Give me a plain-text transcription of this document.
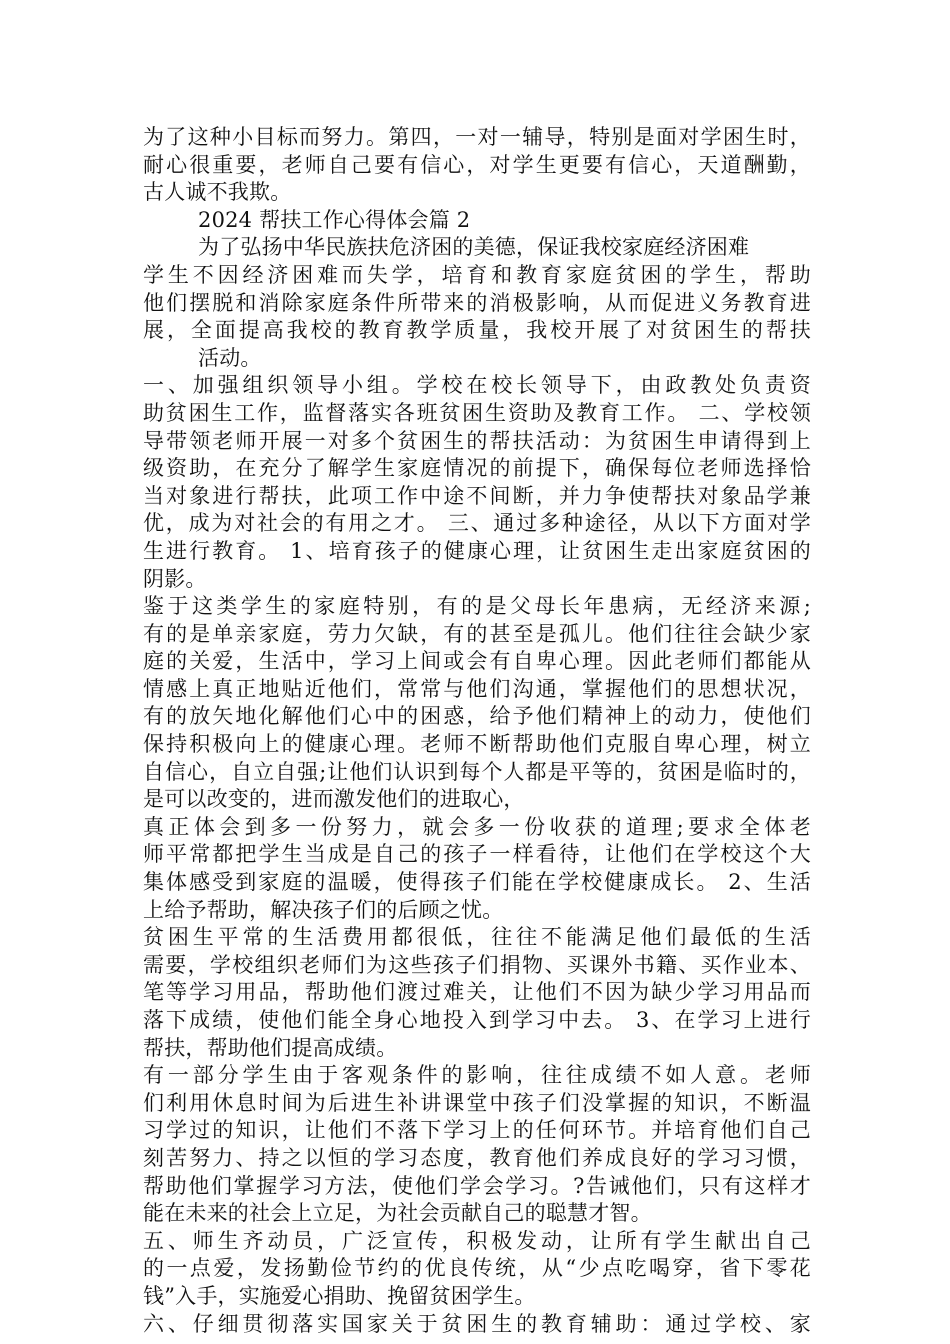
为了这种小目标而努力。第四，一对一辅导，特别是面对学困生时，
耐心很重要，老师自己要有信心，对学生更要有信心，天道酬勤，
古人诚不我欺。
2024 帮扶工作心得体会篇 2
为了弘扬中华民族扶危济困的美德，保证我校家庭经济困难
学生不因经济困难而失学，培育和教育家庭贫困的学生，帮助
他们摆脱和消除家庭条件所带来的消极影响，从而促进义务教育进
展，全面提高我校的教育教学质量，我校开展了对贫困生的帮扶
活动。
一、加强组织领导小组。学校在校长领导下，由政教处负责资
助贫困生工作，监督落实各班贫困生资助及教育工作。 二、学校领
导带领老师开展一对多个贫困生的帮扶活动：为贫困生申请得到上
级资助，在充分了解学生家庭情况的前提下，确保每位老师选择恰
当对象进行帮扶，此项工作中途不间断，并力争使帮扶对象品学兼
优，成为对社会的有用之才。 三、通过多种途径，从以下方面对学
生进行教育。 1、培育孩子的健康心理，让贫困生走出家庭贫困的
阴影。
鉴于这类学生的家庭特别，有的是父母长年患病，无经济来源;
有的是单亲家庭，劳力欠缺，有的甚至是孤儿。他们往往会缺少家
庭的关爱，生活中，学习上间或会有自卑心理。因此老师们都能从
情感上真正地贴近他们，常常与他们沟通，掌握他们的思想状况，
有的放矢地化解他们心中的困惑，给予他们精神上的动力，使他们
保持积极向上的健康心理。老师不断帮助他们克服自卑心理，树立
自信心，自立自强;让他们认识到每个人都是平等的，贫困是临时的，
是可以改变的，进而激发他们的进取心，
真正体会到多一份努力，就会多一份收获的道理;要求全体老
师平常都把学生当成是自己的孩子一样看待，让他们在学校这个大
集体感受到家庭的温暖，使得孩子们能在学校健康成长。 2、生活
上给予帮助，解决孩子们的后顾之忧。
贫困生平常的生活费用都很低，往往不能满足他们最低的生活
需要，学校组织老师们为这些孩子们捐物、买课外书籍、买作业本、
笔等学习用品，帮助他们渡过难关，让他们不因为缺少学习用品而
落下成绩，使他们能全身心地投入到学习中去。 3、在学习上进行
帮扶，帮助他们提高成绩。
有一部分学生由于客观条件的影响，往往成绩不如人意。老师
们利用休息时间为后进生补讲课堂中孩子们没掌握的知识，不断温
习学过的知识，让他们不落下学习上的任何环节。并培育他们自己
刻苦努力、持之以恒的学习态度，教育他们养成良好的学习习惯，
帮助他们掌握学习方法，使他们学会学习。?告诫他们，只有这样才
能在未来的社会上立足，为社会贡献自己的聪慧才智。
五、师生齐动员，广泛宣传，积极发动，让所有学生献出自己
的一点爱，发扬勤俭节约的优良传统，从“少点吃喝穿，省下零花
钱”入手，实施爱心捐助、挽留贫困学生。
六、仔细贯彻落实国家关于贫困生的教育辅助：通过学校、家
